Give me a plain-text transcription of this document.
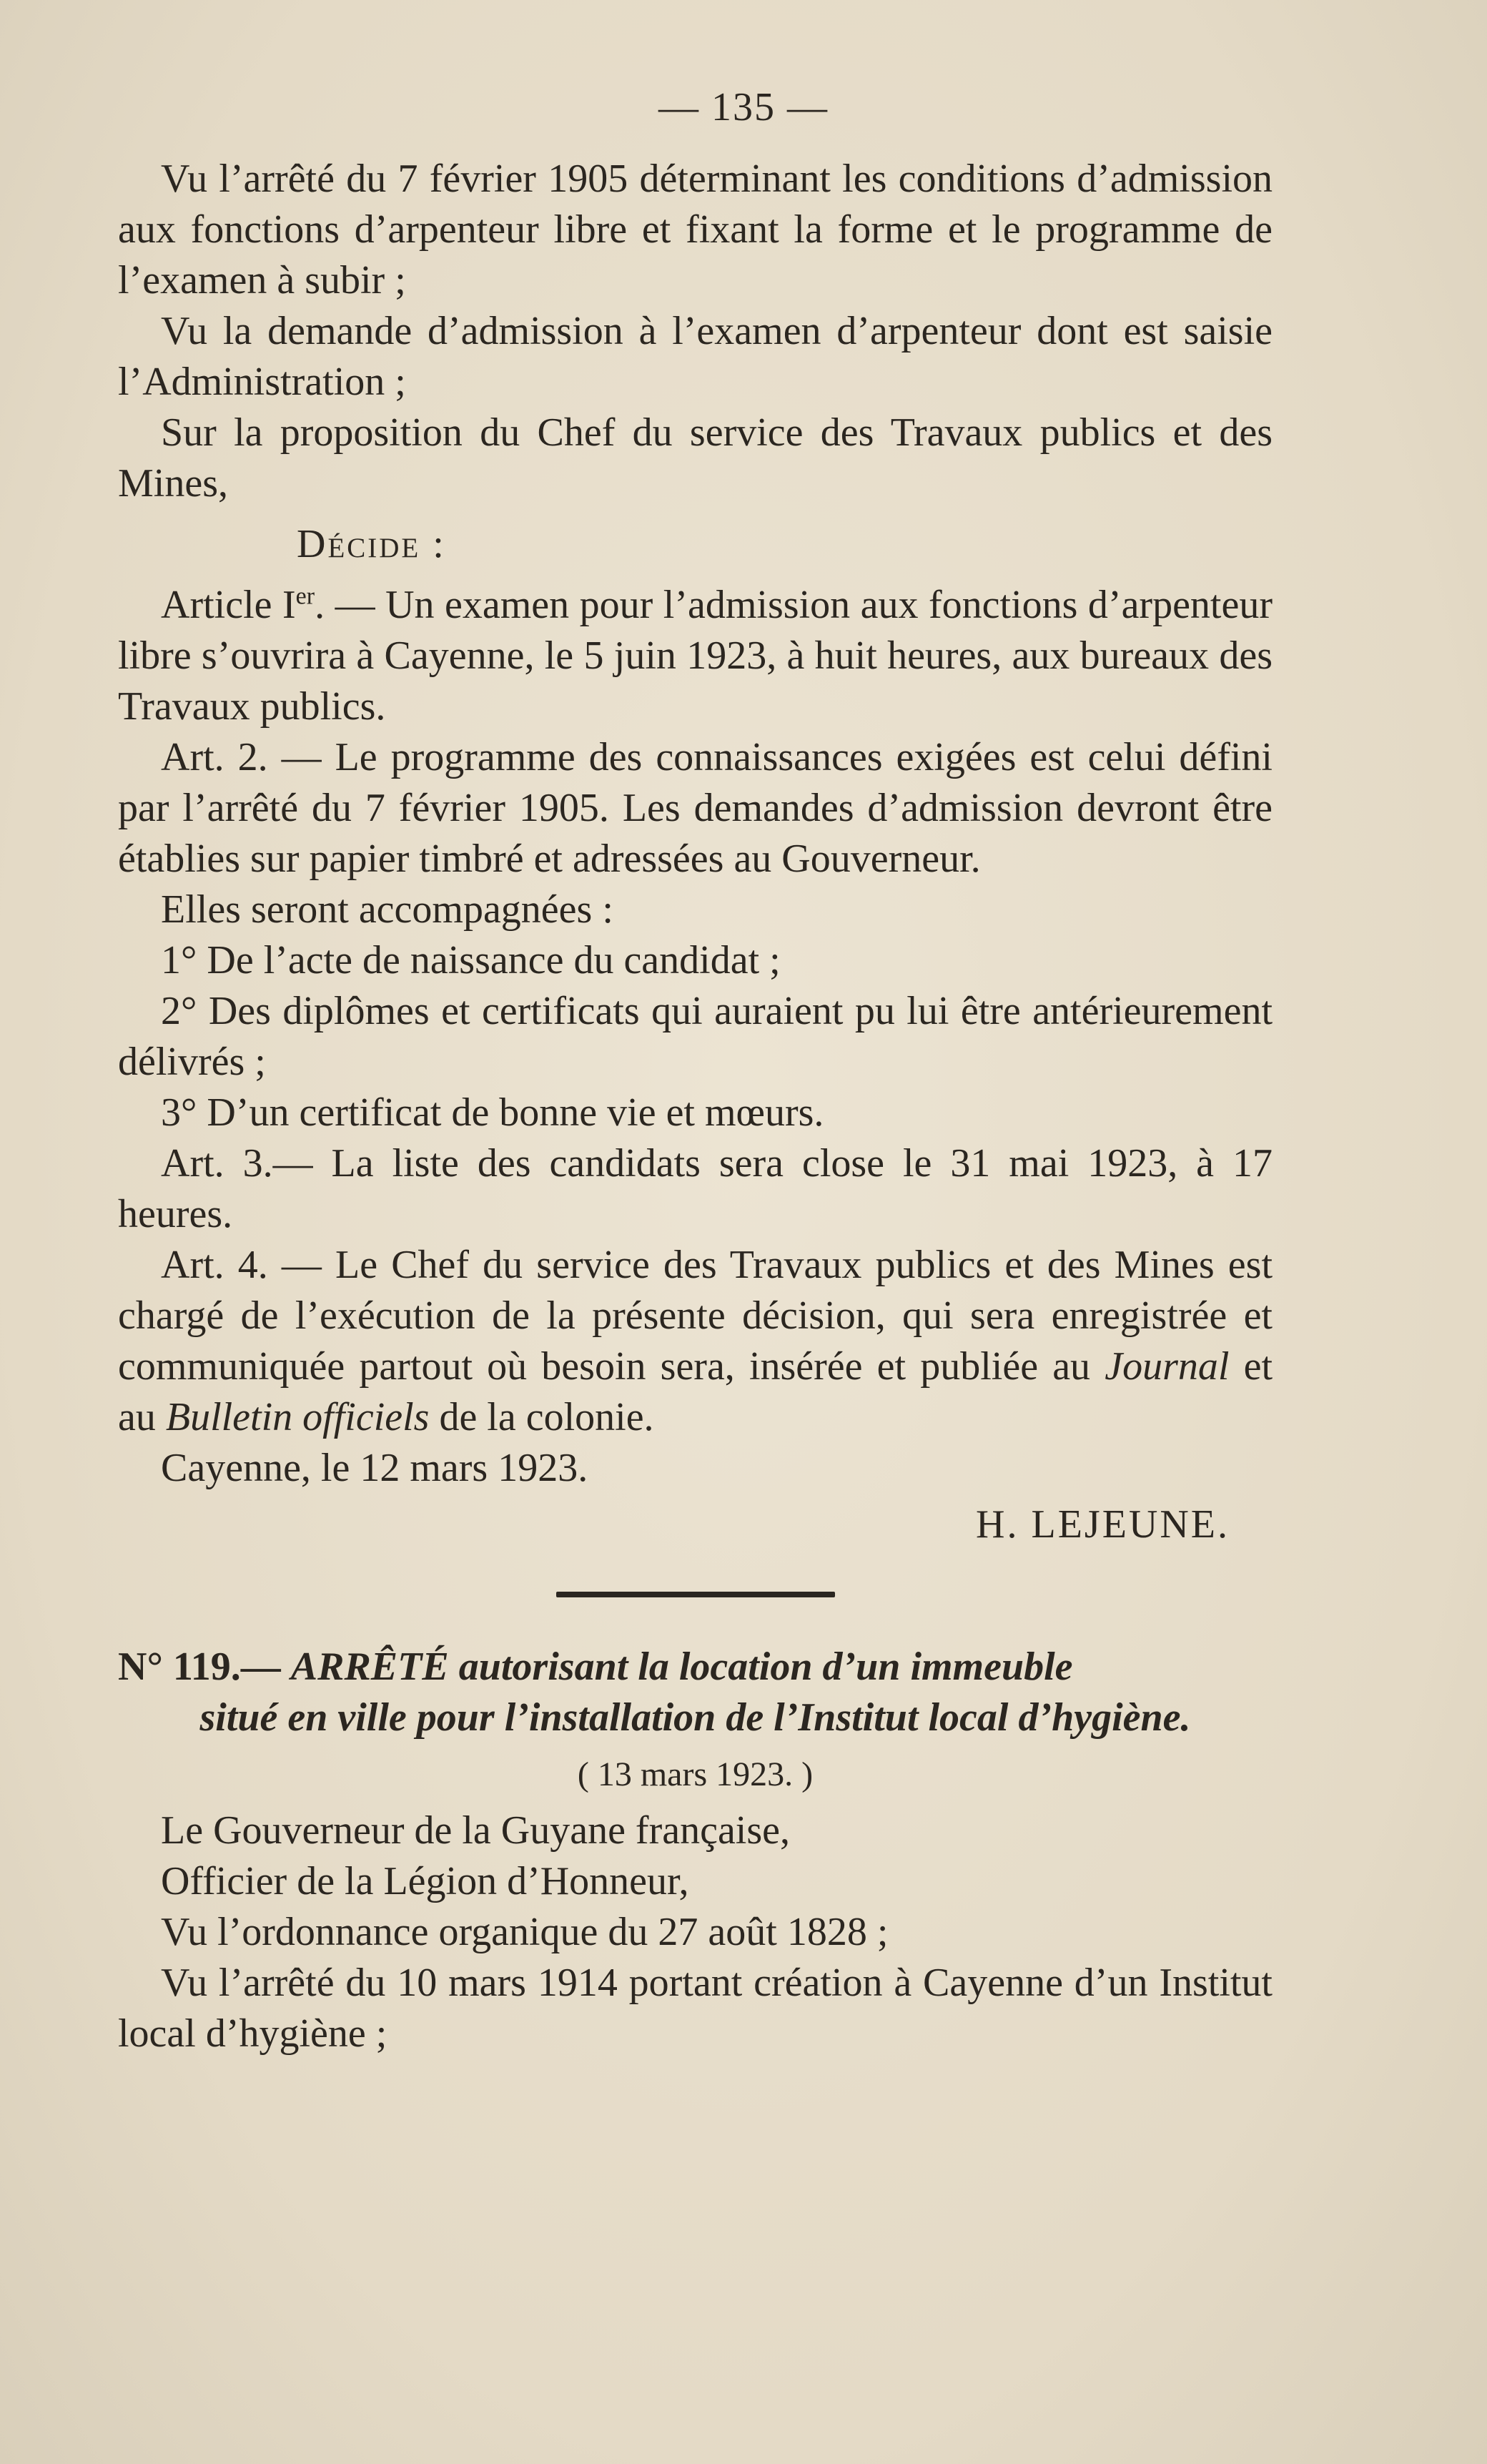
— 135 —

Vu l’arrêté du 7 février 1905 déterminant les conditions d’admission aux fonctions d’arpenteur libre et fixant la forme et le programme de l’examen à subir ;

Vu la demande d’admission à l’examen d’arpenteur dont est saisie l’Administration ;

Sur la proposition du Chef du service des Travaux publics et des Mines,

Décide :

Article Ier. — Un examen pour l’admission aux fonctions d’arpenteur libre s’ouvrira à Cayenne, le 5 juin 1923, à huit heures, aux bureaux des Travaux publics.

Art. 2. — Le programme des connaissances exigées est celui défini par l’arrêté du 7 février 1905. Les demandes d’admission devront être établies sur papier timbré et adressées au Gouverneur.

Elles seront accompagnées :

1° De l’acte de naissance du candidat ;

2° Des diplômes et certificats qui auraient pu lui être antérieurement délivrés ;

3° D’un certificat de bonne vie et mœurs.

Art. 3.— La liste des candidats sera close le 31 mai 1923, à 17 heures.

Art. 4. — Le Chef du service des Travaux publics et des Mines est chargé de l’exécution de la présente décision, qui sera enregistrée et communiquée partout où besoin sera, insérée et publiée au Journal et au Bulletin officiels de la colonie.

Cayenne, le 12 mars 1923.

H. LEJEUNE.

N° 119.— ARRÊTÉ autorisant la location d’un immeuble

situé en ville pour l’installation de l’Institut local d’hygiène.

( 13 mars 1923. )

Le Gouverneur de la Guyane française,

Officier de la Légion d’Honneur,

Vu l’ordonnance organique du 27 août 1828 ;

Vu l’arrêté du 10 mars 1914 portant création à Cayenne d’un Institut local d’hygiène ;
